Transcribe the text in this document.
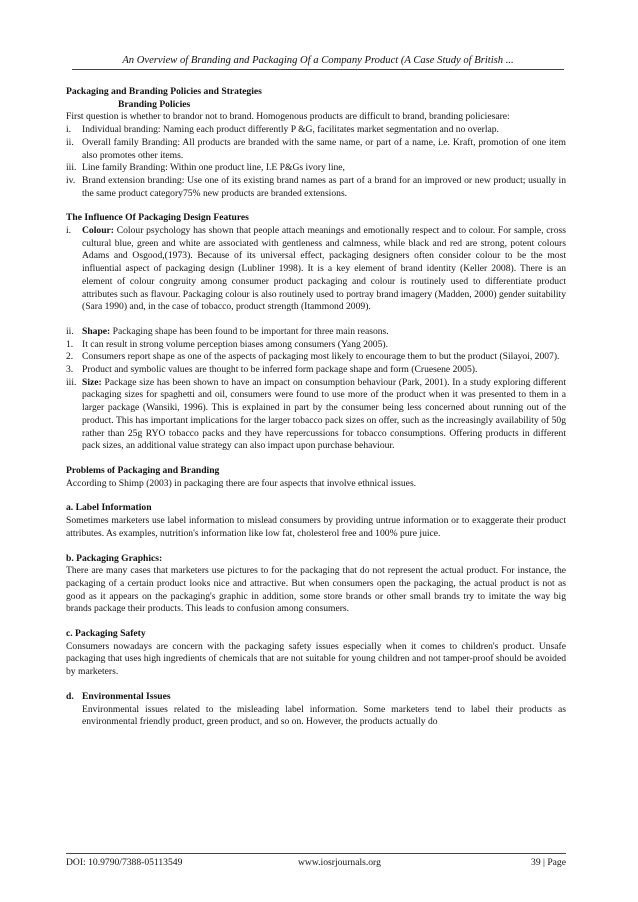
An Overview of Branding and Packaging Of a Company Product (A Case Study of British ...

Packaging and Branding Policies and Strategies

Branding Policies

First question is whether to brandor not to brand. Homogenous products are difficult to brand, branding policiesare:

i.	Individual branding: Naming each product differently P &G, facilitates market segmentation and no overlap.
ii. Overall family Branding: All products are branded with the same name, or part of a name, i.e. Kraft, promotion of one item also promotes other items.
iii. Line family Branding: Within one product line, I.E P&Gs ivory line,
iv. Brand extension branding: Use one of its existing brand names as part of a brand for an improved or new product; usually in the same product category75% new products are branded extensions.

The Influence Of Packaging Design Features

i.	Colour: Colour psychology has shown that people attach meanings and emotionally respect and to colour. For sample, cross cultural blue, green and white are associated with gentleness and calmness, while black and red are strong, potent colours Adams and Osgood,(1973). Because of its universal effect, packaging designers often consider colour to be the most influential aspect of packaging design (Lubliner 1998). It is a key element of brand identity (Keller 2008). There is an element of colour congruity among consumer product packaging and colour is routinely used to differentiate product attributes such as flavour. Packaging colour is also routinely used to portray brand imagery (Madden, 2000) gender suitability (Sara 1990) and, in the case of tobacco, product strength (Itammond 2009).
ii. Shape: Packaging shape has been found to be important for three main reasons.
1. It can result in strong volume perception biases among consumers (Yang 2005).
2. Consumers report shape as one of the aspects of packaging most likely to encourage them to but the product (Silayoi, 2007).
3. Product and symbolic values are thought to be inferred form package shape and form (Cruesene 2005).
iii. Size: Package size has been shown to have an impact on consumption behaviour (Park, 2001). In a study exploring different packaging sizes for spaghetti and oil, consumers were found to use more of the product when it was presented to them in a larger package (Wansiki, 1996). This is explained in part by the consumer being less concerned about running out of the product. This has important implications for the larger tobacco pack sizes on offer, such as the increasingly availability of 50g rather than 25g RYO tobacco packs and they have repercussions for tobacco consumptions. Offering products in different pack sizes, an additional value strategy can also impact upon purchase behaviour.

Problems of Packaging and Branding

According to Shimp (2003) in packaging there are four aspects that involve ethnical issues.

a. Label Information

Sometimes marketers use label information to mislead consumers by providing untrue information or to exaggerate their product attributes. As examples, nutrition's information like low fat, cholesterol free and 100% pure juice.

b. Packaging Graphics:

There are many cases that marketers use pictures to for the packaging that do not represent the actual product. For instance, the packaging of a certain product looks nice and attractive. But when consumers open the packaging, the actual product is not as good as it appears on the packaging's graphic in addition, some store brands or other small brands try to imitate the way big brands package their products. This leads to confusion among consumers.

c. Packaging Safety

Consumers nowadays are concern with the packaging safety issues especially when it comes to children's product. Unsafe packaging that uses high ingredients of chemicals that are not suitable for young children and not tamper-proof should be avoided by marketers.

d. Environmental Issues

Environmental issues related to the misleading label information. Some marketers tend to label their products as environmental friendly product, green product, and so on. However, the products actually do

DOI: 10.9790/7388-05113549	www.iosrjournals.org	39 | Page
